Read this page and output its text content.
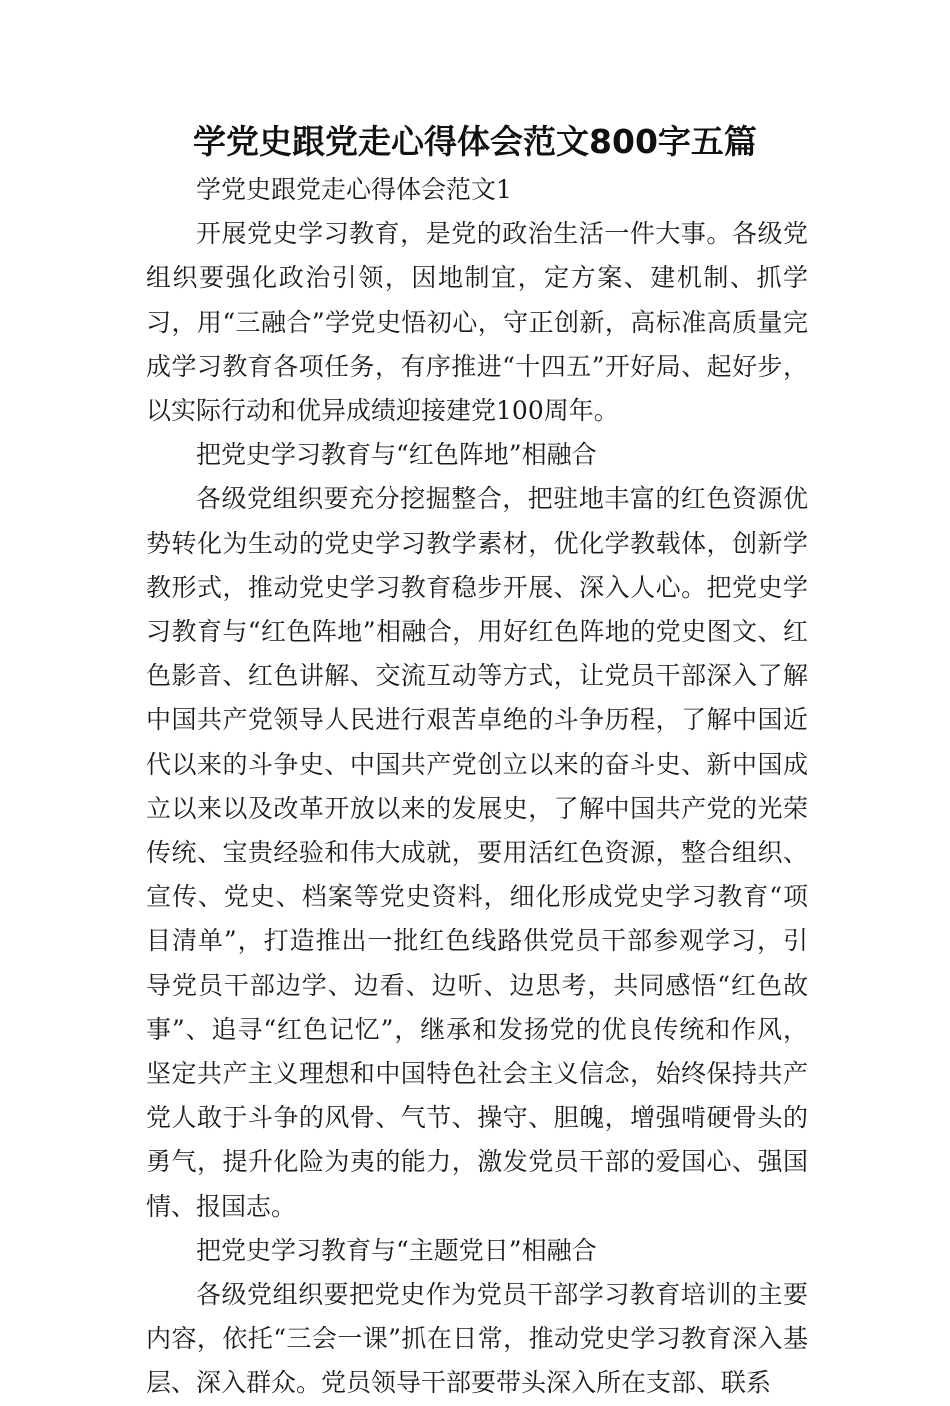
学党史跟党走心得体会范文800字五篇

学党史跟党走心得体会范文1

开展党史学习教育，是党的政治生活一件大事。各级党组织要强化政治引领，因地制宜，定方案、建机制、抓学习，用“三融合”学党史悟初心，守正创新，高标准高质量完成学习教育各项任务，有序推进“十四五”开好局、起好步，以实际行动和优异成绩迎接建党100周年。

把党史学习教育与“红色阵地”相融合

各级党组织要充分挖掘整合，把驻地丰富的红色资源优势转化为生动的党史学习教学素材，优化学教载体，创新学教形式，推动党史学习教育稳步开展、深入人心。把党史学习教育与“红色阵地”相融合，用好红色阵地的党史图文、红色影音、红色讲解、交流互动等方式，让党员干部深入了解中国共产党领导人民进行艰苦卓绝的斗争历程，了解中国近代以来的斗争史、中国共产党创立以来的奋斗史、新中国成立以来以及改革开放以来的发展史，了解中国共产党的光荣传统、宝贵经验和伟大成就，要用活红色资源，整合组织、宣传、党史、档案等党史资料，细化形成党史学习教育“项目清单”，打造推出一批红色线路供党员干部参观学习，引导党员干部边学、边看、边听、边思考，共同感悟“红色故事”、追寻“红色记忆”，继承和发扬党的优良传统和作风，坚定共产主义理想和中国特色社会主义信念，始终保持共产党人敢于斗争的风骨、气节、操守、胆魄，增强啃硬骨头的勇气，提升化险为夷的能力，激发党员干部的爱国心、强国情、报国志。

把党史学习教育与“主题党日”相融合

各级党组织要把党史作为党员干部学习教育培训的主要内容，依托“三会一课”抓在日常，推动党史学习教育深入基层、深入群众。党员领导干部要带头深入所在支部、联系
